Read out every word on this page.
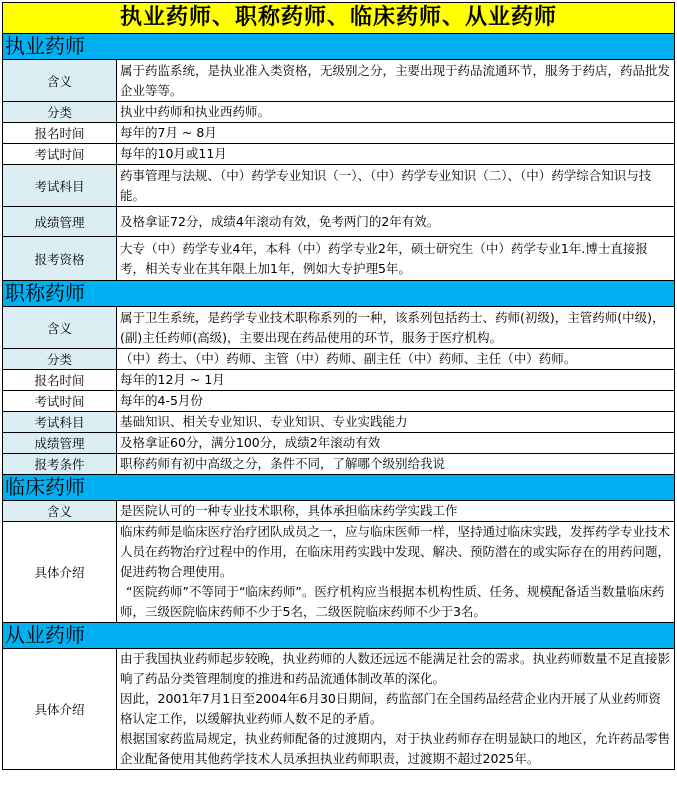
执业药师、职称药师、临床药师、从业药师	
执业药师	
含义	属于药监系统，是执业准入类资格，无级别之分，主要出现于药品流通环节，服务于药店，药品批发企业等等。
分类	执业中药师和执业西药师。
报名时间	每年的7月 ~ 8月
考试时间	每年的10月或11月
考试科目	药事管理与法规、（中）药学专业知识（一）、（中）药学专业知识（二）、（中）药学综合知识与技能。
成绩管理	及格拿证72分，成绩4年滚动有效，免考两门的2年有效。
报考资格	大专（中）药学专业4年，本科（中）药学专业2年，硕士研究生（中）药学专业1年.博士直接报考，相关专业在其年限上加1年，例如大专护理5年。
职称药师	
含义	属于卫生系统，是药学专业技术职称系列的一种，该系列包括药士、药师(初级)，主管药师(中级)，(副)主任药师(高级)，主要出现在药品使用的环节，服务于医疗机构。
分类	（中）药士、（中）药师、主管（中）药师、副主任（中）药师、主任（中）药师。
报名时间	每年的12月 ~ 1月
考试时间	每年的4-5月份
考试科目	基础知识、相关专业知识、专业知识、专业实践能力
成绩管理	及格拿证60分，满分100分，成绩2年滚动有效
报考条件	职称药师有初中高级之分，条件不同，了解哪个级别给我说
临床药师	
含义	是医院认可的一种专业技术职称，具体承担临床药学实践工作
具体介绍	临床药师是临床医疗治疗团队成员之一，应与临床医师一样，坚持通过临床实践，发挥药学专业技术人员在药物治疗过程中的作用，在临床用药实践中发现、解决、预防潜在的或实际存在的用药问题，促进药物合理使用。
“医院药师”不等同于“临床药师”。医疗机构应当根据本机构性质、任务、规模配备适当数量临床药师，三级医院临床药师不少于5名，二级医院临床药师不少于3名。

从业药师	
具体介绍	由于我国执业药师起步较晚，执业药师的人数还远远不能满足社会的需求。执业药师数量不足直接影响了药品分类管理制度的推进和药品流通体制改革的深化。
因此，2001年7月1日至2004年6月30日期间，药监部门在全国药品经营企业内开展了从业药师资格认定工作，以缓解执业药师人数不足的矛盾。
根据国家药监局规定，执业药师配备的过渡期内，对于执业药师存在明显缺口的地区，允许药品零售企业配备使用其他药学技术人员承担执业药师职责，过渡期不超过2025年。
